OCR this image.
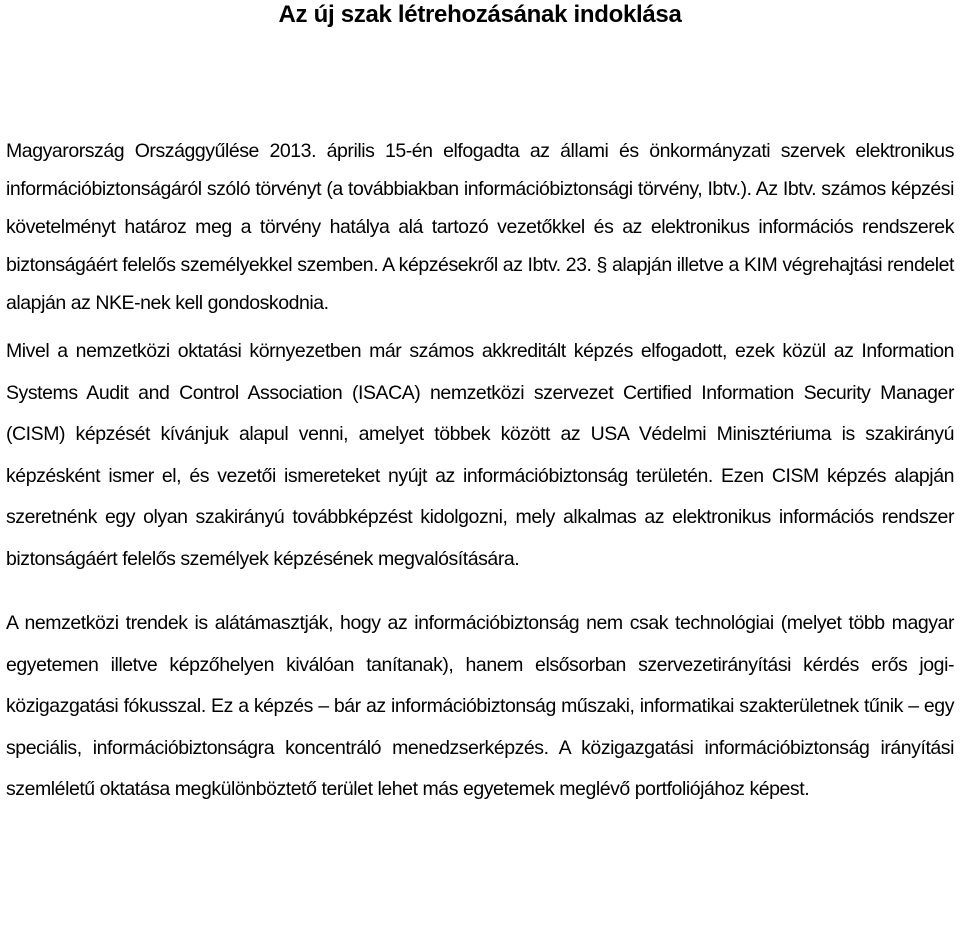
Az új szak létrehozásának indoklása

Magyarország Országgyűlése 2013. április 15-én elfogadta az állami és önkormányzati szervek elektronikus információbiztonságáról szóló törvényt (a továbbiakban információbiztonsági törvény, Ibtv.). Az Ibtv. számos képzési követelményt határoz meg a törvény hatálya alá tartozó vezetőkkel és az elektronikus információs rendszerek biztonságáért felelős személyekkel szemben. A képzésekről az Ibtv. 23. § alapján illetve a KIM végrehajtási rendelet alapján az NKE-nek kell gondoskodnia.

Mivel a nemzetközi oktatási környezetben már számos akkreditált képzés elfogadott, ezek közül az Information Systems Audit and Control Association (ISACA) nemzetközi szervezet Certified Information Security Manager (CISM) képzését kívánjuk alapul venni, amelyet többek között az USA Védelmi Minisztériuma is szakirányú képzésként ismer el, és vezetői ismereteket nyújt az információbiztonság területén. Ezen CISM képzés alapján szeretnénk egy olyan szakirányú továbbképzést kidolgozni, mely alkalmas az elektronikus információs rendszer biztonságáért felelős személyek képzésének megvalósítására.

A nemzetközi trendek is alátámasztják, hogy az információbiztonság nem csak technológiai (melyet több magyar egyetemen illetve képzőhelyen kiválóan tanítanak), hanem elsősorban szervezetirányítási kérdés erős jogi-közigazgatási fókusszal. Ez a képzés – bár az információbiztonság műszaki, informatikai szakterületnek tűnik – egy speciális, információbiztonságra koncentráló menedzserképzés. A közigazgatási információbiztonság irányítási szemléletű oktatása megkülönböztető terület lehet más egyetemek meglévő portfoliójához képest.
